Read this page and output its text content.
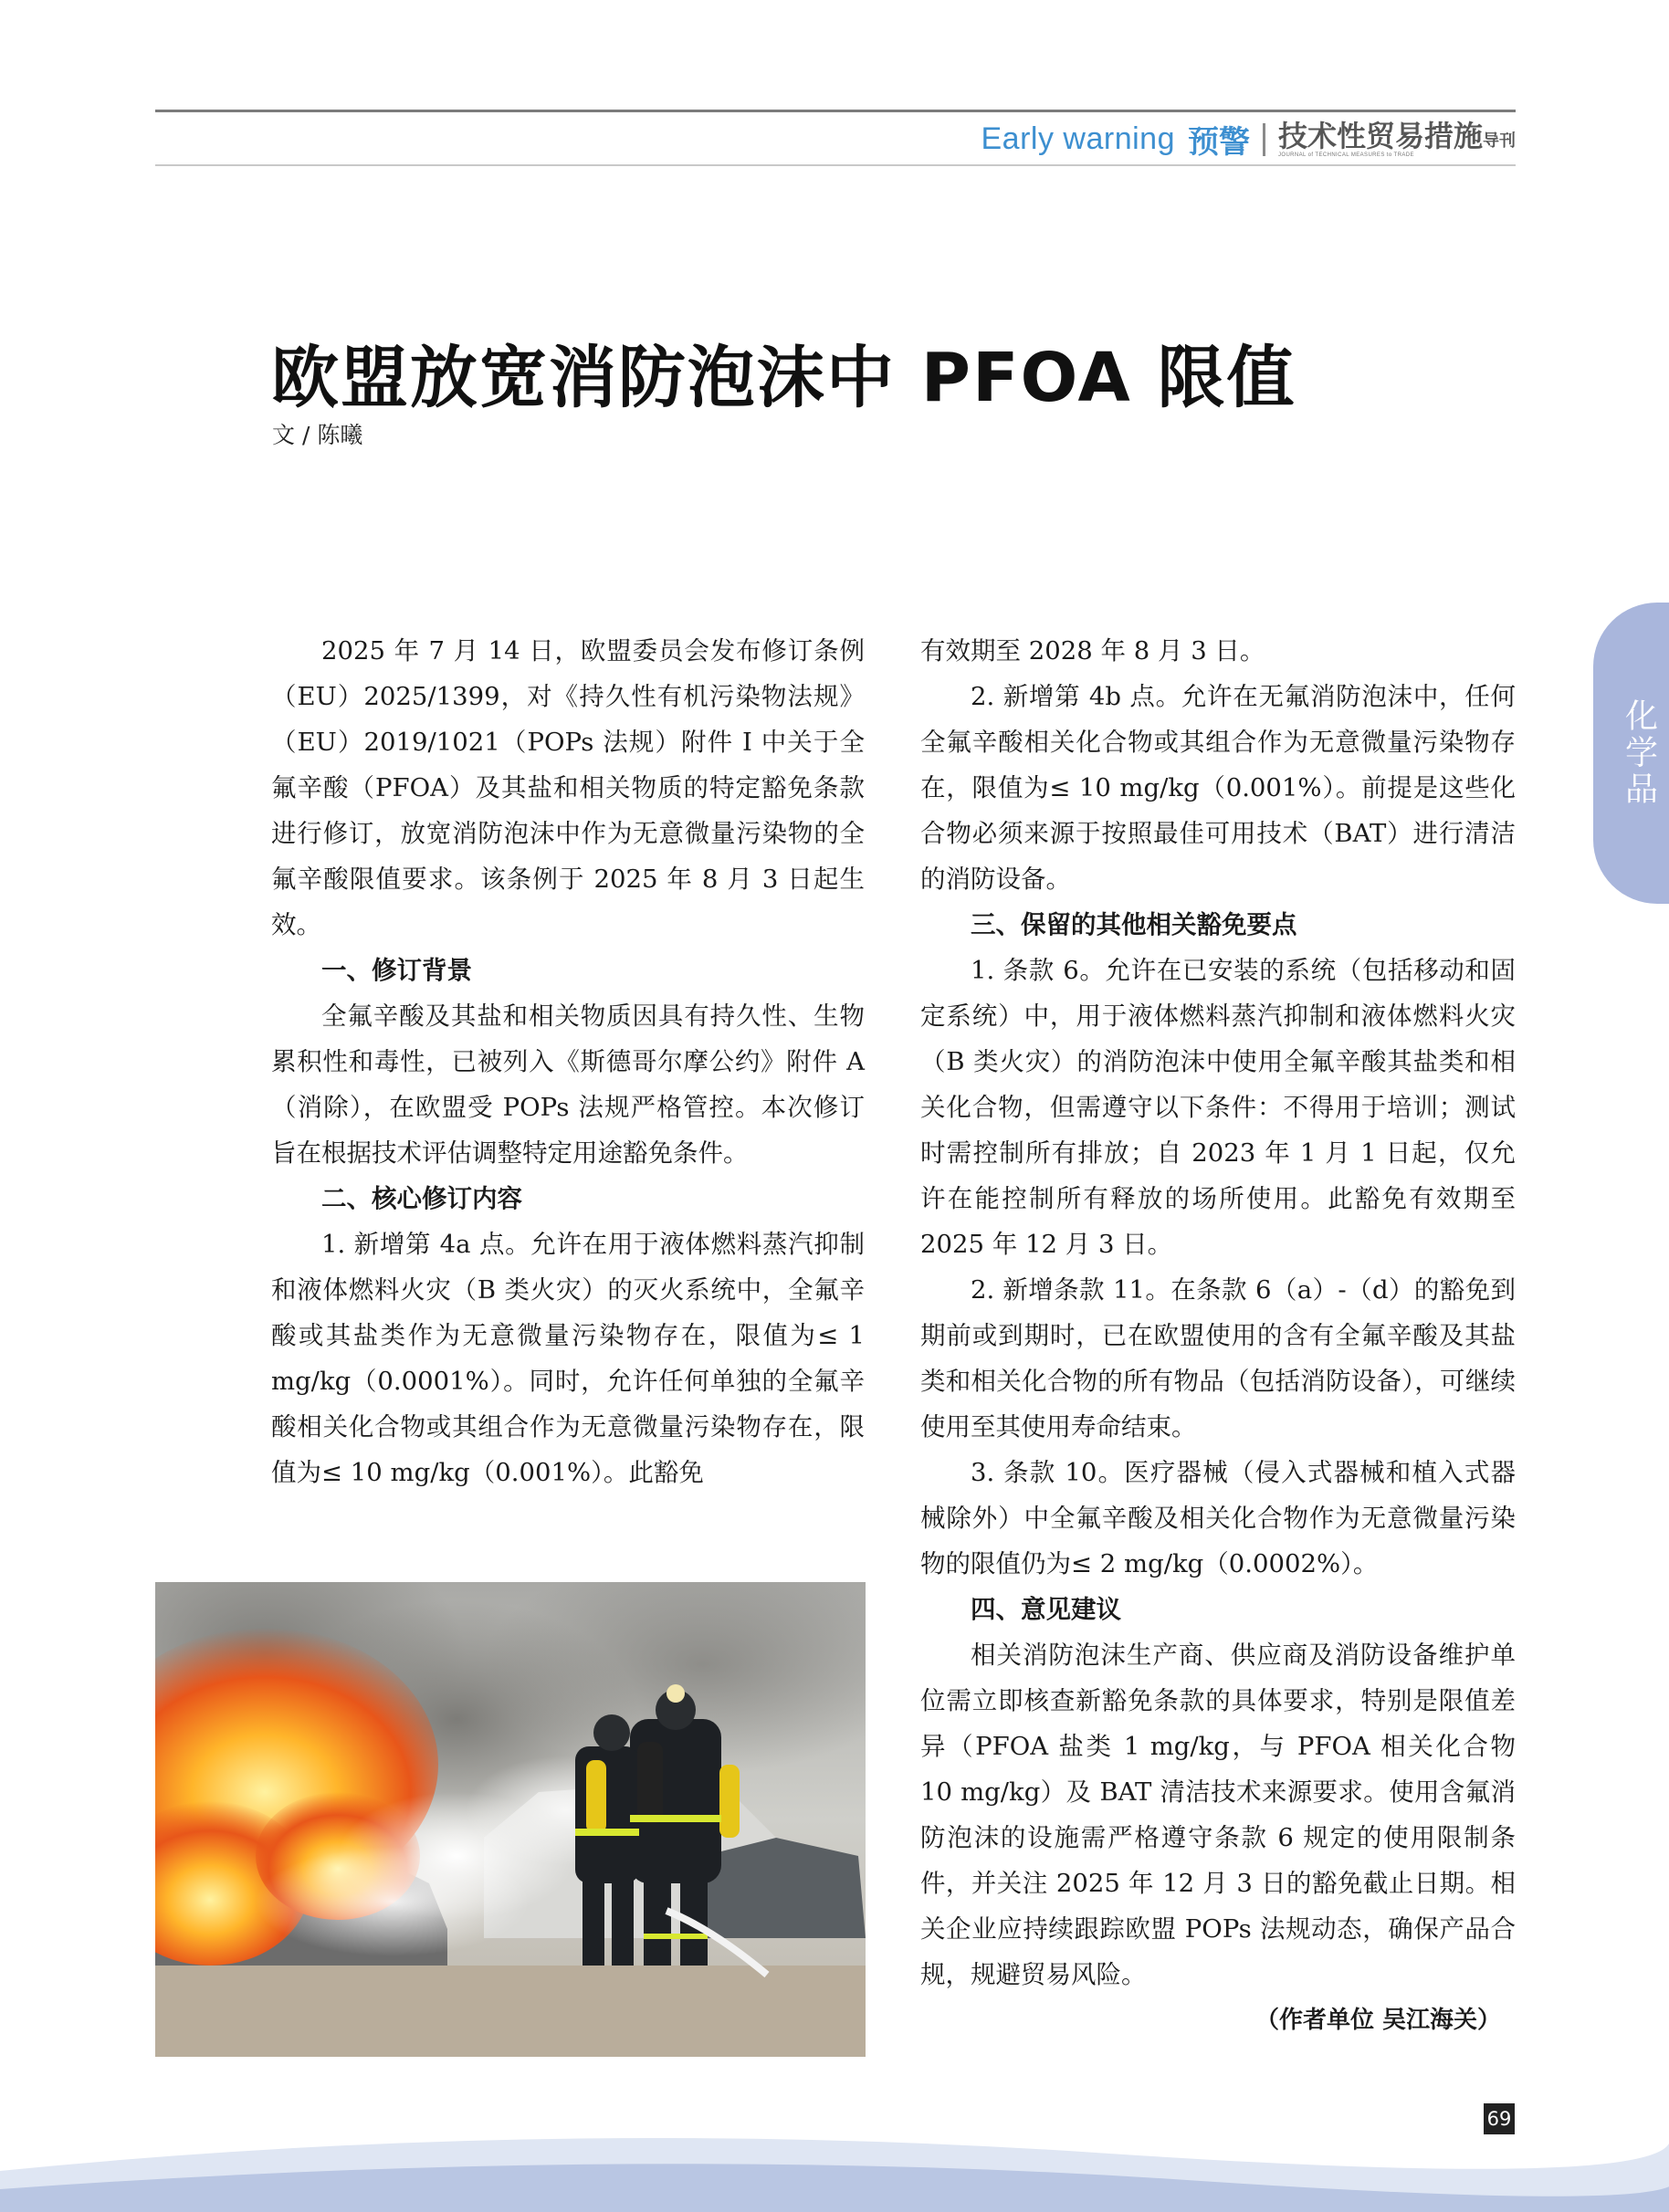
Early warning 预警 技术性贸易措施导刊
JOURNAL of TECHNICAL MEASURES to TRADE
欧盟放宽消防泡沫中 PFOA 限值
文 / 陈曦
化学品

2025 年 7 月 14 日，欧盟委员会发布修订条例（EU）2025/1399，对《持久性有机污染物法规》（EU）2019/1021（POPs 法规）附件 I 中关于全氟辛酸（PFOA）及其盐和相关物质的特定豁免条款进行修订，放宽消防泡沫中作为无意微量污染物的全氟辛酸限值要求。该条例于 2025 年 8 月 3 日起生效。

一、修订背景

全氟辛酸及其盐和相关物质因具有持久性、生物累积性和毒性，已被列入《斯德哥尔摩公约》附件 A（消除），在欧盟受 POPs 法规严格管控。本次修订旨在根据技术评估调整特定用途豁免条件。

二、核心修订内容

1. 新增第 4a 点。允许在用于液体燃料蒸汽抑制和液体燃料火灾（B 类火灾）的灭火系统中，全氟辛酸或其盐类作为无意微量污染物存在，限值为≤ 1 mg/kg（0.0001%）。同时，允许任何单独的全氟辛酸相关化合物或其组合作为无意微量污染物存在，限值为≤ 10 mg/kg（0.001%）。此豁免

有效期至 2028 年 8 月 3 日。

2. 新增第 4b 点。允许在无氟消防泡沫中，任何全氟辛酸相关化合物或其组合作为无意微量污染物存在，限值为≤ 10 mg/kg（0.001%）。前提是这些化合物必须来源于按照最佳可用技术（BAT）进行清洁的消防设备。

三、保留的其他相关豁免要点

1. 条款 6。允许在已安装的系统（包括移动和固定系统）中，用于液体燃料蒸汽抑制和液体燃料火灾（B 类火灾）的消防泡沫中使用全氟辛酸其盐类和相关化合物，但需遵守以下条件：不得用于培训；测试时需控制所有排放；自 2023 年 1 月 1 日起，仅允许在能控制所有释放的场所使用。此豁免有效期至 2025 年 12 月 3 日。

2. 新增条款 11。在条款 6（a）-（d）的豁免到期前或到期时，已在欧盟使用的含有全氟辛酸及其盐类和相关化合物的所有物品（包括消防设备），可继续使用至其使用寿命结束。

3. 条款 10。医疗器械（侵入式器械和植入式器械除外）中全氟辛酸及相关化合物作为无意微量污染物的限值仍为≤ 2 mg/kg（0.0002%）。

四、意见建议

相关消防泡沫生产商、供应商及消防设备维护单位需立即核查新豁免条款的具体要求，特别是限值差异（PFOA 盐类 1 mg/kg，与 PFOA 相关化合物 10 mg/kg）及 BAT 清洁技术来源要求。使用含氟消防泡沫的设施需严格遵守条款 6 规定的使用限制条件，并关注 2025 年 12 月 3 日的豁免截止日期。相关企业应持续跟踪欧盟 POPs 法规动态，确保产品合规，规避贸易风险。

（作者单位 吴江海关）
69
